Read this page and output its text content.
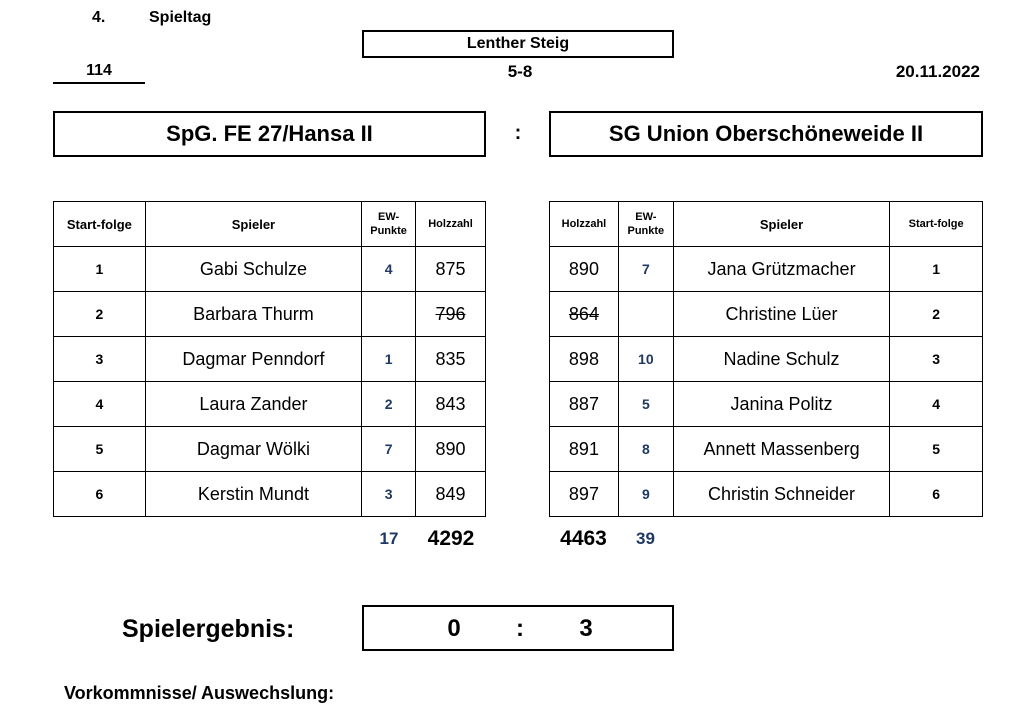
4.	Spieltag
Lenther Steig
114	5-8	20.11.2022
SpG. FE 27/Hansa II	:	SG Union Oberschöneweide II
Start-folge	Spieler	EW-
Punkte	Holzzahl
1	Gabi Schulze	4	875
2	Barbara Thurm		796
3	Dagmar Penndorf	1	835
4	Laura Zander	2	843
5	Dagmar Wölki	7	890
6	Kerstin Mundt	3	849
Holzzahl	EW-
Punkte	Spieler	Start-folge
890	7	Jana Grützmacher	1
864		Christine Lüer	2
898	10	Nadine Schulz	3
887	5	Janina Politz	4
891	8	Annett Massenberg	5
897	9	Christin Schneider	6
17	4292	4463	39
Spielergebnis:	0	:	3
Vorkommnisse/ Auswechslung:
